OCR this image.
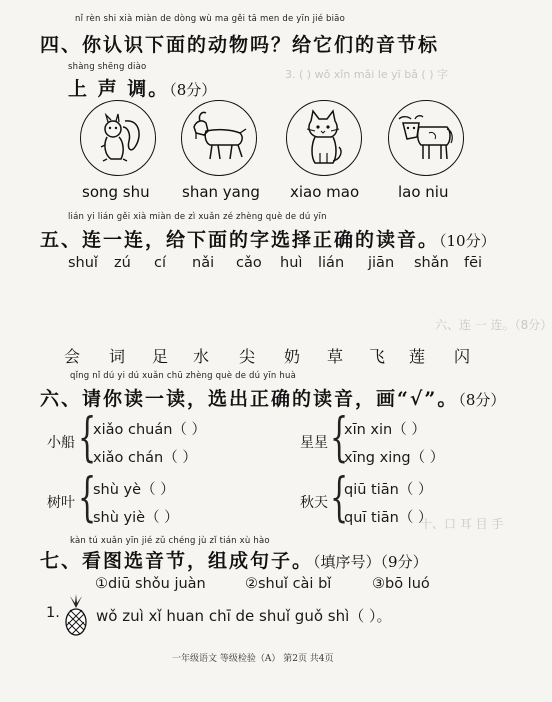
3. ( ) wǒ xǐn mǎi le yī bǎ ( ) 字
六、连 一 连。（8分）
十、口 耳 目 手
nǐ rèn shi xià miàn de dòng wù ma gěi tā men de yīn jié biāo
四、你认识下面的动物吗？给它们的音节标
shàng shēng diào
上 声 调。（8分）
song shu shan yang xiao mao	lao niu
lián yi lián gěi xià miàn de zì xuǎn zé zhèng què de dú yīn
五、连一连，给下面的字选择正确的读音。（10分）
shuǐ zú cí nǎi cǎo huì lián jiān shǎn fēi
会 词 足 水 尖 奶 草 飞 莲 闪
qǐng nǐ dú yi dú xuǎn chū zhèng què de dú yīn huà
六、请你读一读，选出正确的读音，画“√”。（8分）
小船 {
xiǎo chuán（ ）
xiǎo chán（ ）
星星 {
xīn xin（ ）
xīng xing（ ）
树叶 {
shù yè（ ）
shù yiè（ ）
秋天 {
qiū tiān（ ）
quī tiān（ ）
kàn tú xuǎn yīn jié zǔ chéng jù zǐ tián xù hào
七、看图选音节，组成句子。（填序号）（9分）
①diū shǒu juàn	②shuǐ cài bǐ	③bō luó
1. wǒ zuì xǐ huan chī de shuǐ guǒ shì（ ）。
一年级语文 等级检验（A） 第2页 共4页
